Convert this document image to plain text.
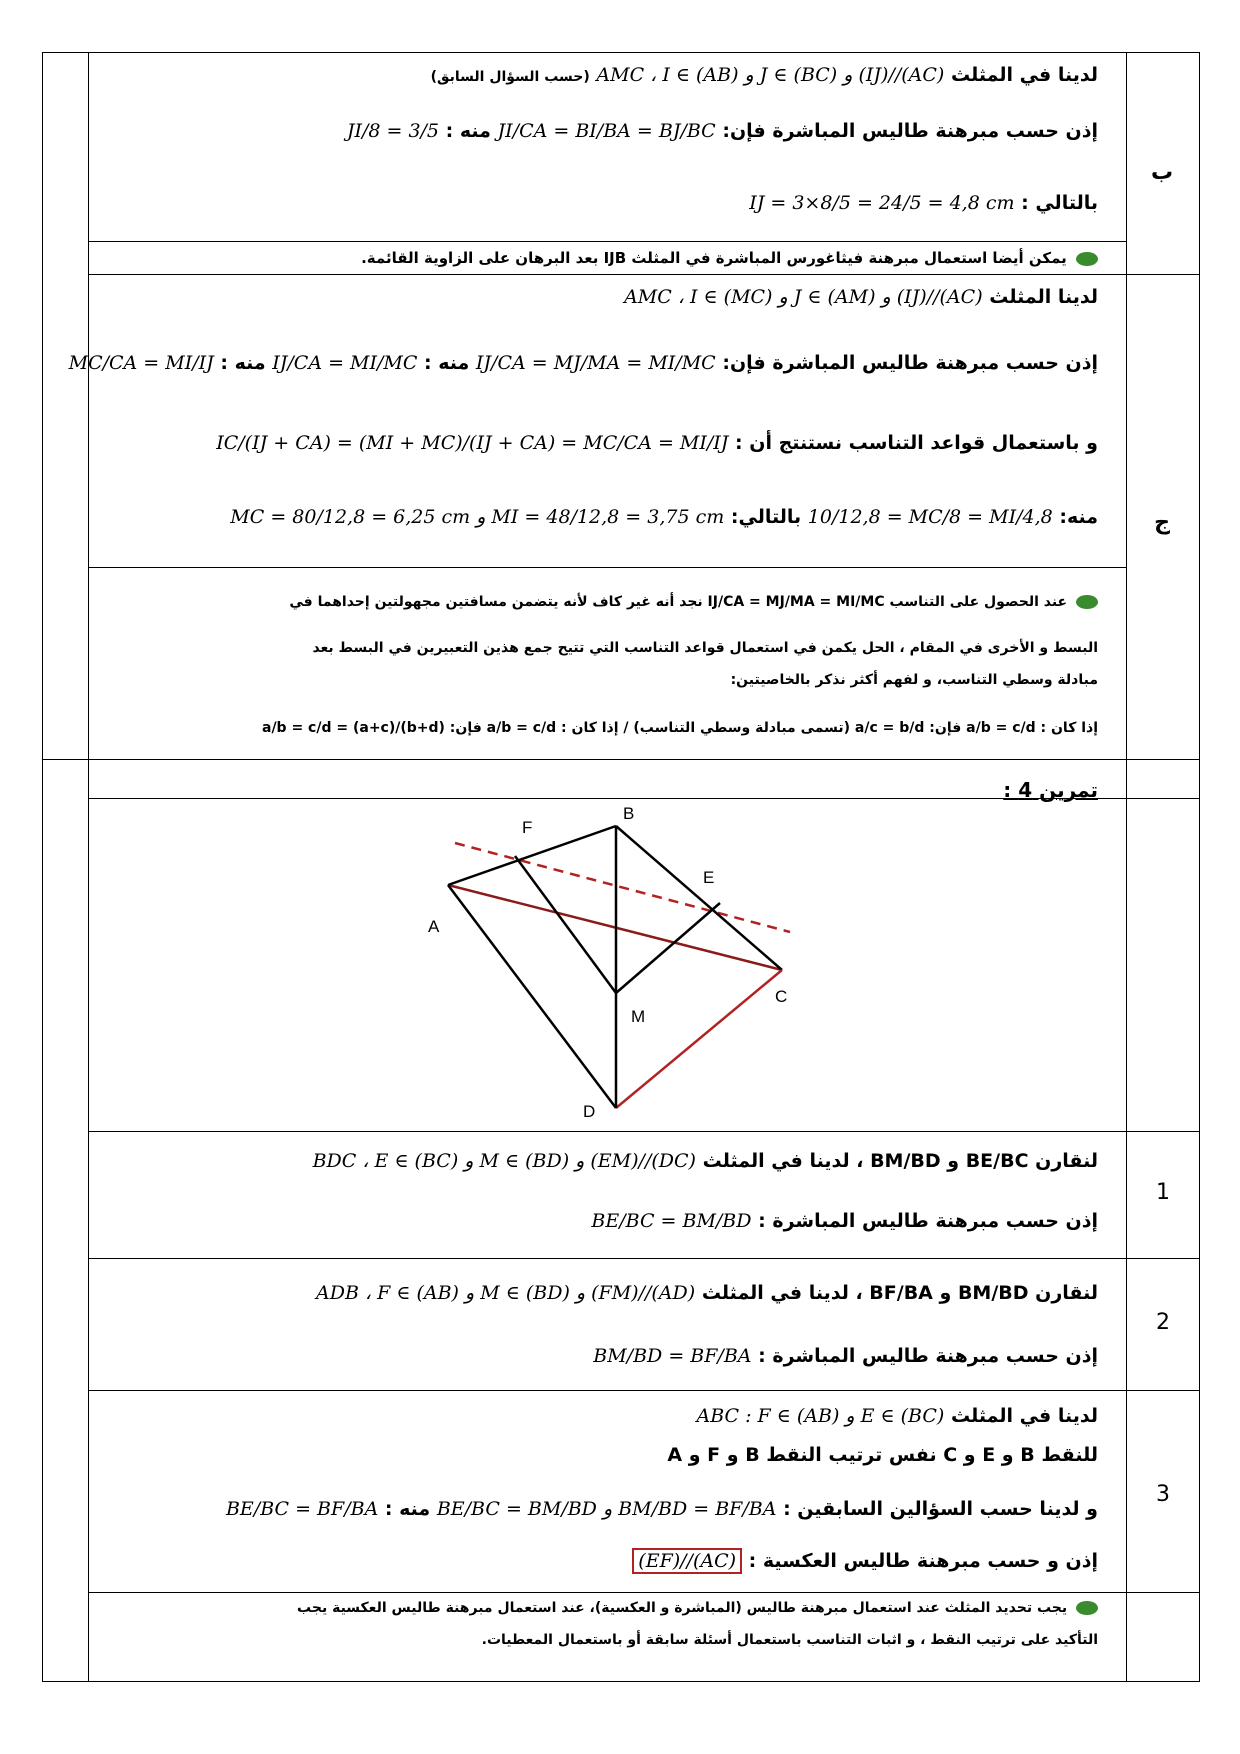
ب
لدينا في المثلث AMC ، I ∈ (AB) و J ∈ (BC) و (IJ)//(AC) (حسب السؤال السابق)
إذن حسب مبرهنة طاليس المباشرة فإن: JI/CA = BI/BA = BJ/BC منه : JI/8 = 3/5
بالتالي : IJ = 3×8/5 = 24/5 = 4,8 cm
يمكن أيضا استعمال مبرهنة فيثاغورس المباشرة في المثلث IJB بعد البرهان على الزاوية القائمة.
ج
لدينا المثلث AMC ، I ∈ (MC) و J ∈ (AM) و (IJ)//(AC)
إذن حسب مبرهنة طاليس المباشرة فإن: IJ/CA = MJ/MA = MI/MC منه : IJ/CA = MI/MC منه : MC/CA = MI/IJ
و باستعمال قواعد التناسب نستنتج أن : IC/(IJ + CA) = (MI + MC)/(IJ + CA) = MC/CA = MI/IJ
منه: 10/12,8 = MC/8 = MI/4,8 بالتالي: MC = 80/12,8 = 6,25 cm و MI = 48/12,8 = 3,75 cm
عند الحصول على التناسب IJ/CA = MJ/MA = MI/MC نجد أنه غير كاف لأنه يتضمن مسافتين مجهولتين إحداهما في
البسط و الأخرى في المقام ، الحل يكمن في استعمال قواعد التناسب التي تتيح جمع هذين التعبيرين في البسط بعد
مبادلة وسطي التناسب، و لفهم أكثر نذكر بالخاصيتين:
إذا كان : a/b = c/d فإن: a/c = b/d (تسمى مبادلة وسطي التناسب) / إذا كان : a/b = c/d فإن: a/b = c/d = (a+c)/(b+d)
تمرين 4 :
A
B
C
D
E
F
M
1
لنقارن BE/BC و BM/BD ، لدينا في المثلث BDC ، E ∈ (BC) و M ∈ (BD) و (EM)//(DC)
إذن حسب مبرهنة طاليس المباشرة : BE/BC = BM/BD
2
لنقارن BM/BD و BF/BA ، لدينا في المثلث ADB ، F ∈ (AB) و M ∈ (BD) و (FM)//(AD)
إذن حسب مبرهنة طاليس المباشرة : BM/BD = BF/BA
3
لدينا في المثلث ABC : F ∈ (AB) و E ∈ (BC)
للنقط B و E و C نفس ترتيب النقط B و F و A
و لدينا حسب السؤالين السابقين : BE/BC = BM/BD و BM/BD = BF/BA منه : BE/BC = BF/BA
إذن و حسب مبرهنة طاليس العكسية : (EF)//(AC)
يجب تحديد المثلث عند استعمال مبرهنة طاليس (المباشرة و العكسية)، عند استعمال مبرهنة طاليس العكسية يجب
التأكيد على ترتيب النقط ، و اثبات التناسب باستعمال أسئلة سابقة أو باستعمال المعطيات.
